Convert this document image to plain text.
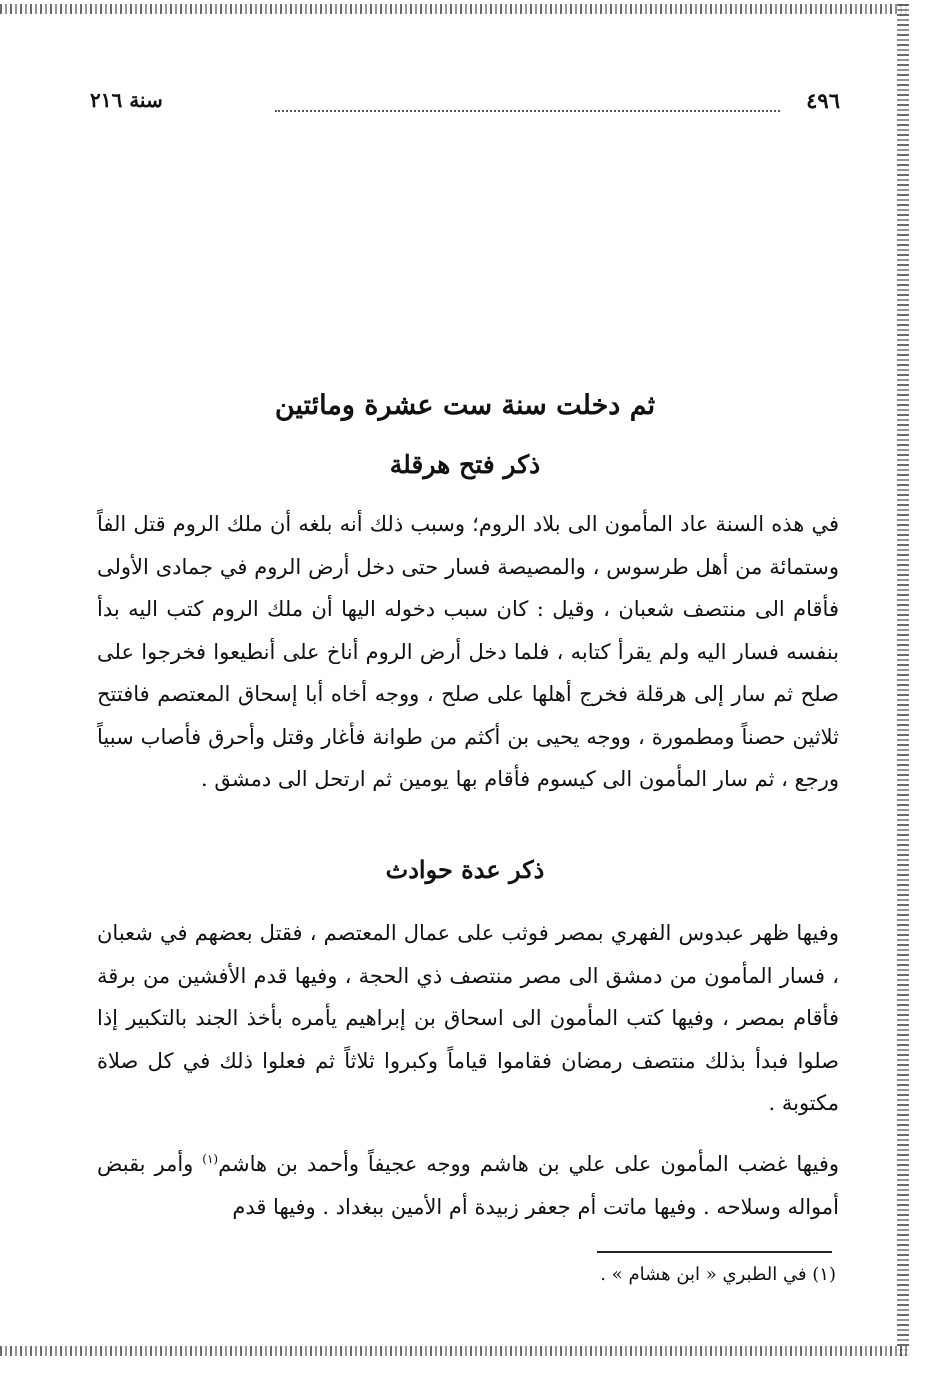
٤٩٦
سنة ٢١٦
ثم دخلت سنة ست عشرة ومائتين
ذكر فتح هرقلة
في هذه السنة عاد المأمون الى بلاد الروم؛ وسبب ذلك أنه بلغه أن ملك الروم قتل الفاً وستمائة من أهل طرسوس ، والمصيصة فسار حتى دخل أرض الروم في جمادى الأولى فأقام الى منتصف شعبان ، وقيل : كان سبب دخوله اليها أن ملك الروم كتب اليه بدأ بنفسه فسار اليه ولم يقرأ كتابه ، فلما دخل أرض الروم أناخ على أنطيعوا فخرجوا على صلح ثم سار إلى هرقلة فخرج أهلها على صلح ، ووجه أخاه أبا إسحاق المعتصم فافتتح ثلاثين حصناً ومطمورة ، ووجه يحيى بن أكثم من طوانة فأغار وقتل وأحرق فأصاب سبياً ورجع ، ثم سار المأمون الى كيسوم فأقام بها يومين ثم ارتحل الى دمشق .
ذكر عدة حوادث
وفيها ظهر عبدوس الفهري بمصر فوثب على عمال المعتصم ، فقتل بعضهم في شعبان ، فسار المأمون من دمشق الى مصر منتصف ذي الحجة ، وفيها قدم الأفشين من برقة فأقام بمصر ، وفيها كتب المأمون الى اسحاق بن إبراهيم يأمره بأخذ الجند بالتكبير إذا صلوا فبدأ بذلك منتصف رمضان فقاموا قياماً وكبروا ثلاثاً ثم فعلوا ذلك في كل صلاة مكتوبة .
وفيها غضب المأمون على علي بن هاشم ووجه عجيفاً وأحمد بن هاشم$^{(١)}$ وأمر بقبض أمواله وسلاحه . وفيها ماتت أم جعفر زبيدة أم الأمين ببغداد . وفيها قدم
(١) في الطبري « ابن هشام » .
